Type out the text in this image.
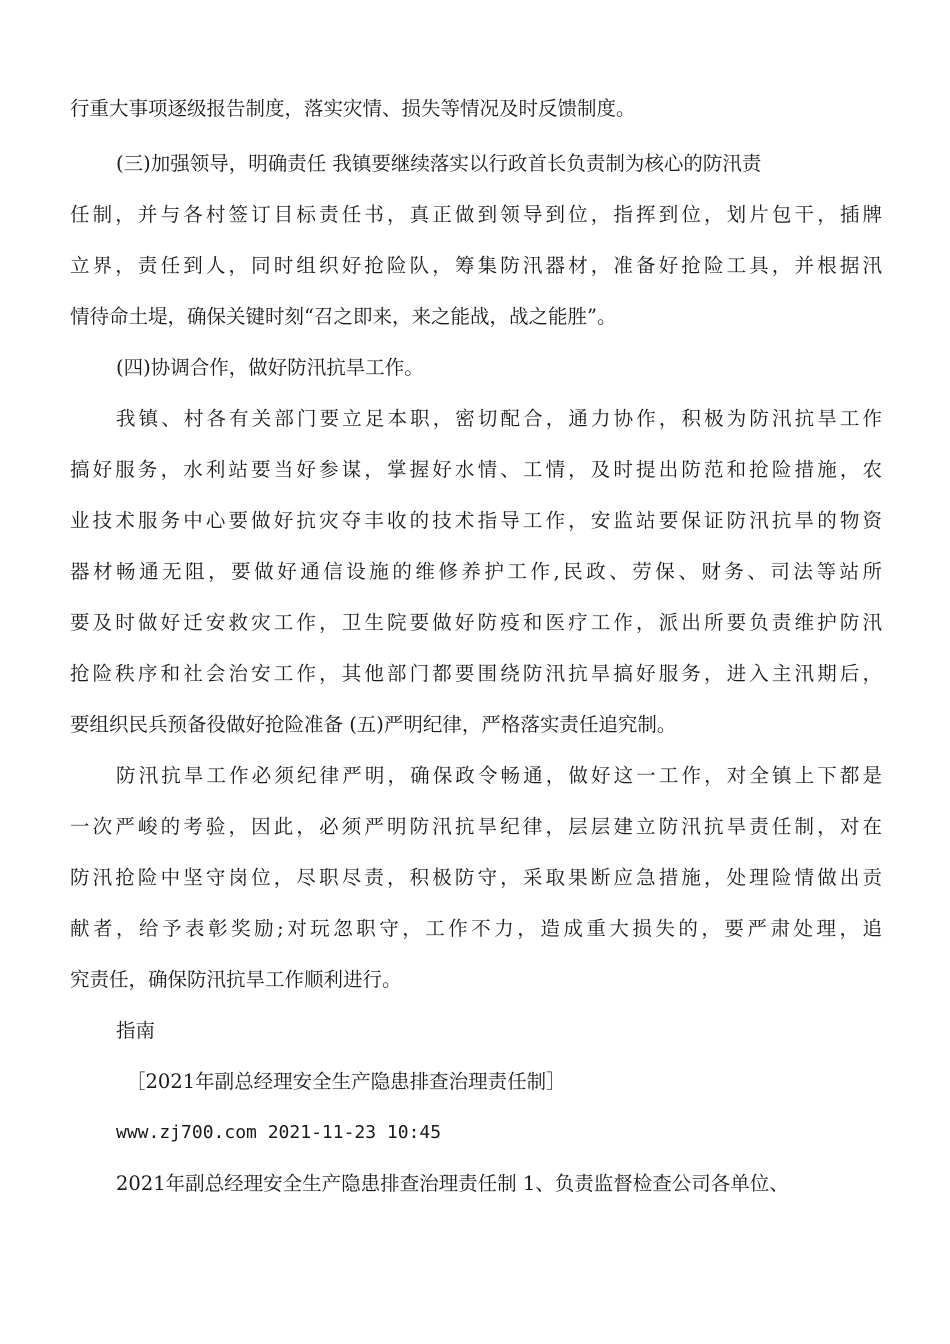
行重大事项逐级报告制度，落实灾情、损失等情况及时反馈制度。
(三)加强领导，明确责任 我镇要继续落实以行政首长负责制为核心的防汛责
任制，并与各村签订目标责任书，真正做到领导到位，指挥到位，划片包干，插牌
立界，责任到人，同时组织好抢险队，筹集防汛器材，准备好抢险工具，并根据汛
情待命土堤，确保关键时刻“召之即来，来之能战，战之能胜”。
(四)协调合作，做好防汛抗旱工作。
我镇、村各有关部门要立足本职，密切配合，通力协作，积极为防汛抗旱工作
搞好服务，水利站要当好参谋，掌握好水情、工情，及时提出防范和抢险措施，农
业技术服务中心要做好抗灾夺丰收的技术指导工作，安监站要保证防汛抗旱的物资
器材畅通无阻，要做好通信设施的维修养护工作,民政、劳保、财务、司法等站所
要及时做好迁安救灾工作，卫生院要做好防疫和医疗工作，派出所要负责维护防汛
抢险秩序和社会治安工作，其他部门都要围绕防汛抗旱搞好服务，进入主汛期后，
要组织民兵预备役做好抢险准备 (五)严明纪律，严格落实责任追究制。
防汛抗旱工作必须纪律严明，确保政令畅通，做好这一工作，对全镇上下都是
一次严峻的考验，因此，必须严明防汛抗旱纪律，层层建立防汛抗旱责任制，对在
防汛抢险中坚守岗位，尽职尽责，积极防守，采取果断应急措施，处理险情做出贡
献者，给予表彰奖励;对玩忽职守，工作不力，造成重大损失的，要严肃处理，追
究责任，确保防汛抗旱工作顺利进行。
指南
［2021年副总经理安全生产隐患排查治理责任制］
www.zj700.com 2021-11-23 10:45
2021年副总经理安全生产隐患排查治理责任制 1、负责监督检查公司各单位、
